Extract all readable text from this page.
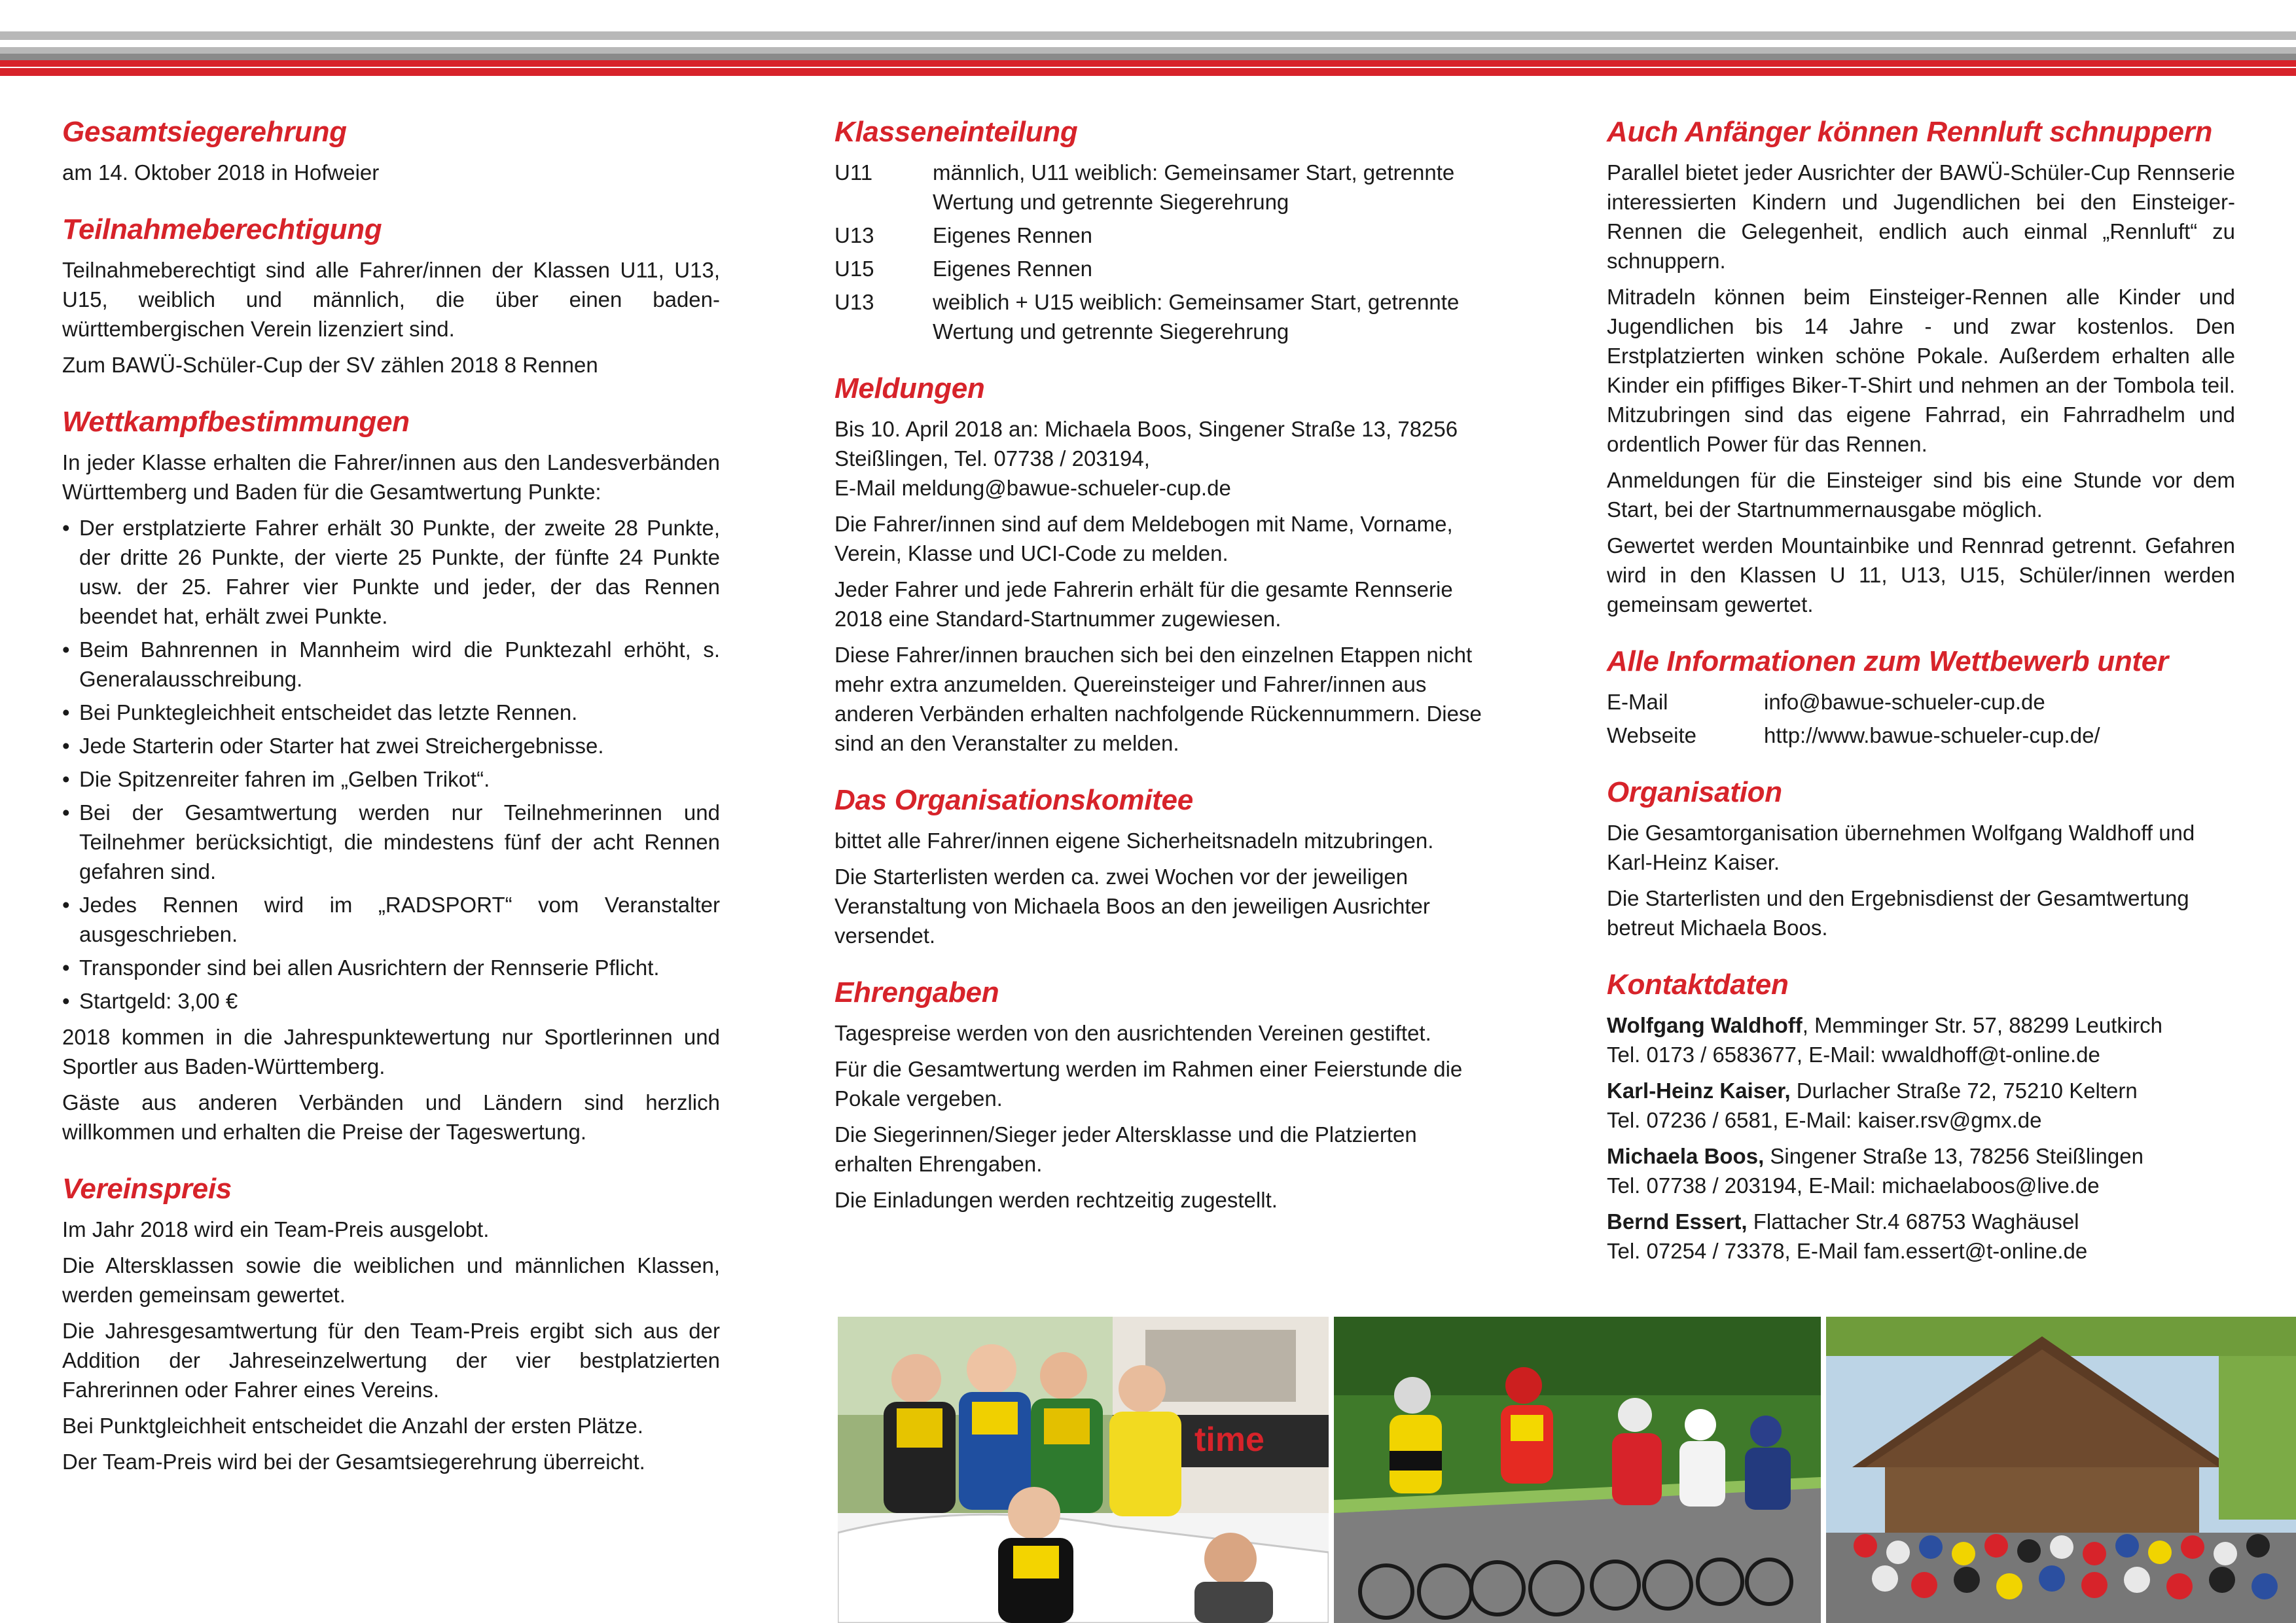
Gesamtsiegerehrung

am 14. Oktober 2018 in Hofweier

Teilnahmeberechtigung

Teilnahmeberechtigt sind alle Fahrer/innen der Klassen U11, U13, U15, weiblich und männlich, die über einen baden-württembergischen Verein lizenziert sind.

Zum BAWÜ-Schüler-Cup der SV zählen 2018 8 Rennen

Wettkampfbestimmungen

In jeder Klasse erhalten die Fahrer/innen aus den Landesverbänden Württemberg und Baden für die Gesamtwertung Punkte:

• Der erstplatzierte Fahrer erhält 30 Punkte, der zweite 28 Punkte, der dritte 26 Punkte, der vierte 25 Punkte, der fünfte 24 Punkte usw. der 25. Fahrer vier Punkte und jeder, der das Rennen beendet hat, erhält zwei Punkte.
• Beim Bahnrennen in Mannheim wird die Punktezahl erhöht, s. Generalausschreibung.
• Bei Punktegleichheit entscheidet das letzte Rennen.
• Jede Starterin oder Starter hat zwei Streichergebnisse.
• Die Spitzenreiter fahren im „Gelben Trikot“.
• Bei der Gesamtwertung werden nur Teilnehmerinnen und Teilnehmer berücksichtigt, die mindestens fünf der acht Rennen gefahren sind.
• Jedes Rennen wird im „RADSPORT“ vom Veranstalter ausgeschrieben.
• Transponder sind bei allen Ausrichtern der Rennserie Pflicht.
• Startgeld: 3,00 €

2018 kommen in die Jahrespunktewertung nur Sportlerinnen und Sportler aus Baden-Württemberg.

Gäste aus anderen Verbänden und Ländern sind herzlich willkommen und erhalten die Preise der Tageswertung.

Vereinspreis

Im Jahr 2018 wird ein Team-Preis ausgelobt.

Die Altersklassen sowie die weiblichen und männlichen Klassen, werden gemeinsam gewertet.

Die Jahresgesamtwertung für den Team-Preis ergibt sich aus der Addition der Jahreseinzelwertung der vier bestplatzierten Fahrerinnen oder Fahrer eines Vereins.

Bei Punktgleichheit entscheidet die Anzahl der ersten Plätze.

Der Team-Preis wird bei der Gesamtsiegerehrung überreicht.

Klasseneinteilung
U11	männlich, U11 weiblich: Gemeinsamer Start, getrennte Wertung und getrennte Siegerehrung
U13	Eigenes Rennen
U15	Eigenes Rennen
U13	weiblich + U15 weiblich: Gemeinsamer Start, getrennte Wertung und getrennte Siegerehrung
Meldungen

Bis 10. April 2018 an: Michaela Boos, Singener Straße 13, 78256 Steißlingen, Tel. 07738 / 203194,

E-Mail meldung@bawue-schueler-cup.de

Die Fahrer/innen sind auf dem Meldebogen mit Name, Vorname, Verein, Klasse und UCI-Code zu melden.

Jeder Fahrer und jede Fahrerin erhält für die gesamte Rennserie 2018 eine Standard-Startnummer zugewiesen.

Diese Fahrer/innen brauchen sich bei den einzelnen Etappen nicht mehr extra anzumelden. Quereinsteiger und Fahrer/innen aus anderen Verbänden erhalten nachfolgende Rückennummern. Diese sind an den Veranstalter zu melden.

Das Organisationskomitee

bittet alle Fahrer/innen eigene Sicherheitsnadeln mitzubringen.

Die Starterlisten werden ca. zwei Wochen vor der jeweiligen Veranstaltung von Michaela Boos an den jeweiligen Ausrichter versendet.

Ehrengaben

Tagespreise werden von den ausrichtenden Vereinen gestiftet.

Für die Gesamtwertung werden im Rahmen einer Feierstunde die Pokale vergeben.

Die Siegerinnen/Sieger jeder Altersklasse und die Platzierten erhalten Ehrengaben.

Die Einladungen werden rechtzeitig zugestellt.

Auch Anfänger können Rennluft schnuppern

Parallel bietet jeder Ausrichter der BAWÜ-Schüler-Cup Rennserie interessierten Kindern und Jugendlichen bei den Einsteiger-Rennen die Gelegenheit, endlich auch einmal „Rennluft“ zu schnuppern.

Mitradeln können beim Einsteiger-Rennen alle Kinder und Jugendlichen bis 14 Jahre - und zwar kostenlos. Den Erstplatzierten winken schöne Pokale. Außerdem erhalten alle Kinder ein pfiffiges Biker-T-Shirt und nehmen an der Tombola teil. Mitzubringen sind das eigene Fahrrad, ein Fahrradhelm und ordentlich Power für das Rennen.

Anmeldungen für die Einsteiger sind bis eine Stunde vor dem Start, bei der Startnummernausgabe möglich.

Gewertet werden Mountainbike und Rennrad getrennt. Gefahren wird in den Klassen U 11, U13, U15, Schüler/innen werden gemeinsam gewertet.

Alle Informationen zum Wettbewerb unter
E-Mail	info@bawue-schueler-cup.de
Webseite	http://www.bawue-schueler-cup.de/
Organisation

Die Gesamtorganisation übernehmen Wolfgang Waldhoff und Karl-Heinz Kaiser.

Die Starterlisten und den Ergebnisdienst der Gesamtwertung betreut Michaela Boos.

Kontaktdaten
Wolfgang Waldhoff, Memminger Str. 57, 88299 Leutkirch
Tel. 0173 / 6583677, E-Mail: wwaldhoff@t-online.de
Karl-Heinz Kaiser, Durlacher Straße 72, 75210 Keltern
Tel. 07236 / 6581, E-Mail: kaiser.rsv@gmx.de
Michaela Boos, Singener Straße 13, 78256 Steißlingen
Tel. 07738 / 203194, E-Mail: michaelaboos@live.de
Bernd Essert, Flattacher Str.4 68753 Waghäusel
Tel. 07254 / 73378, E-Mail fam.essert@t-online.de
time
